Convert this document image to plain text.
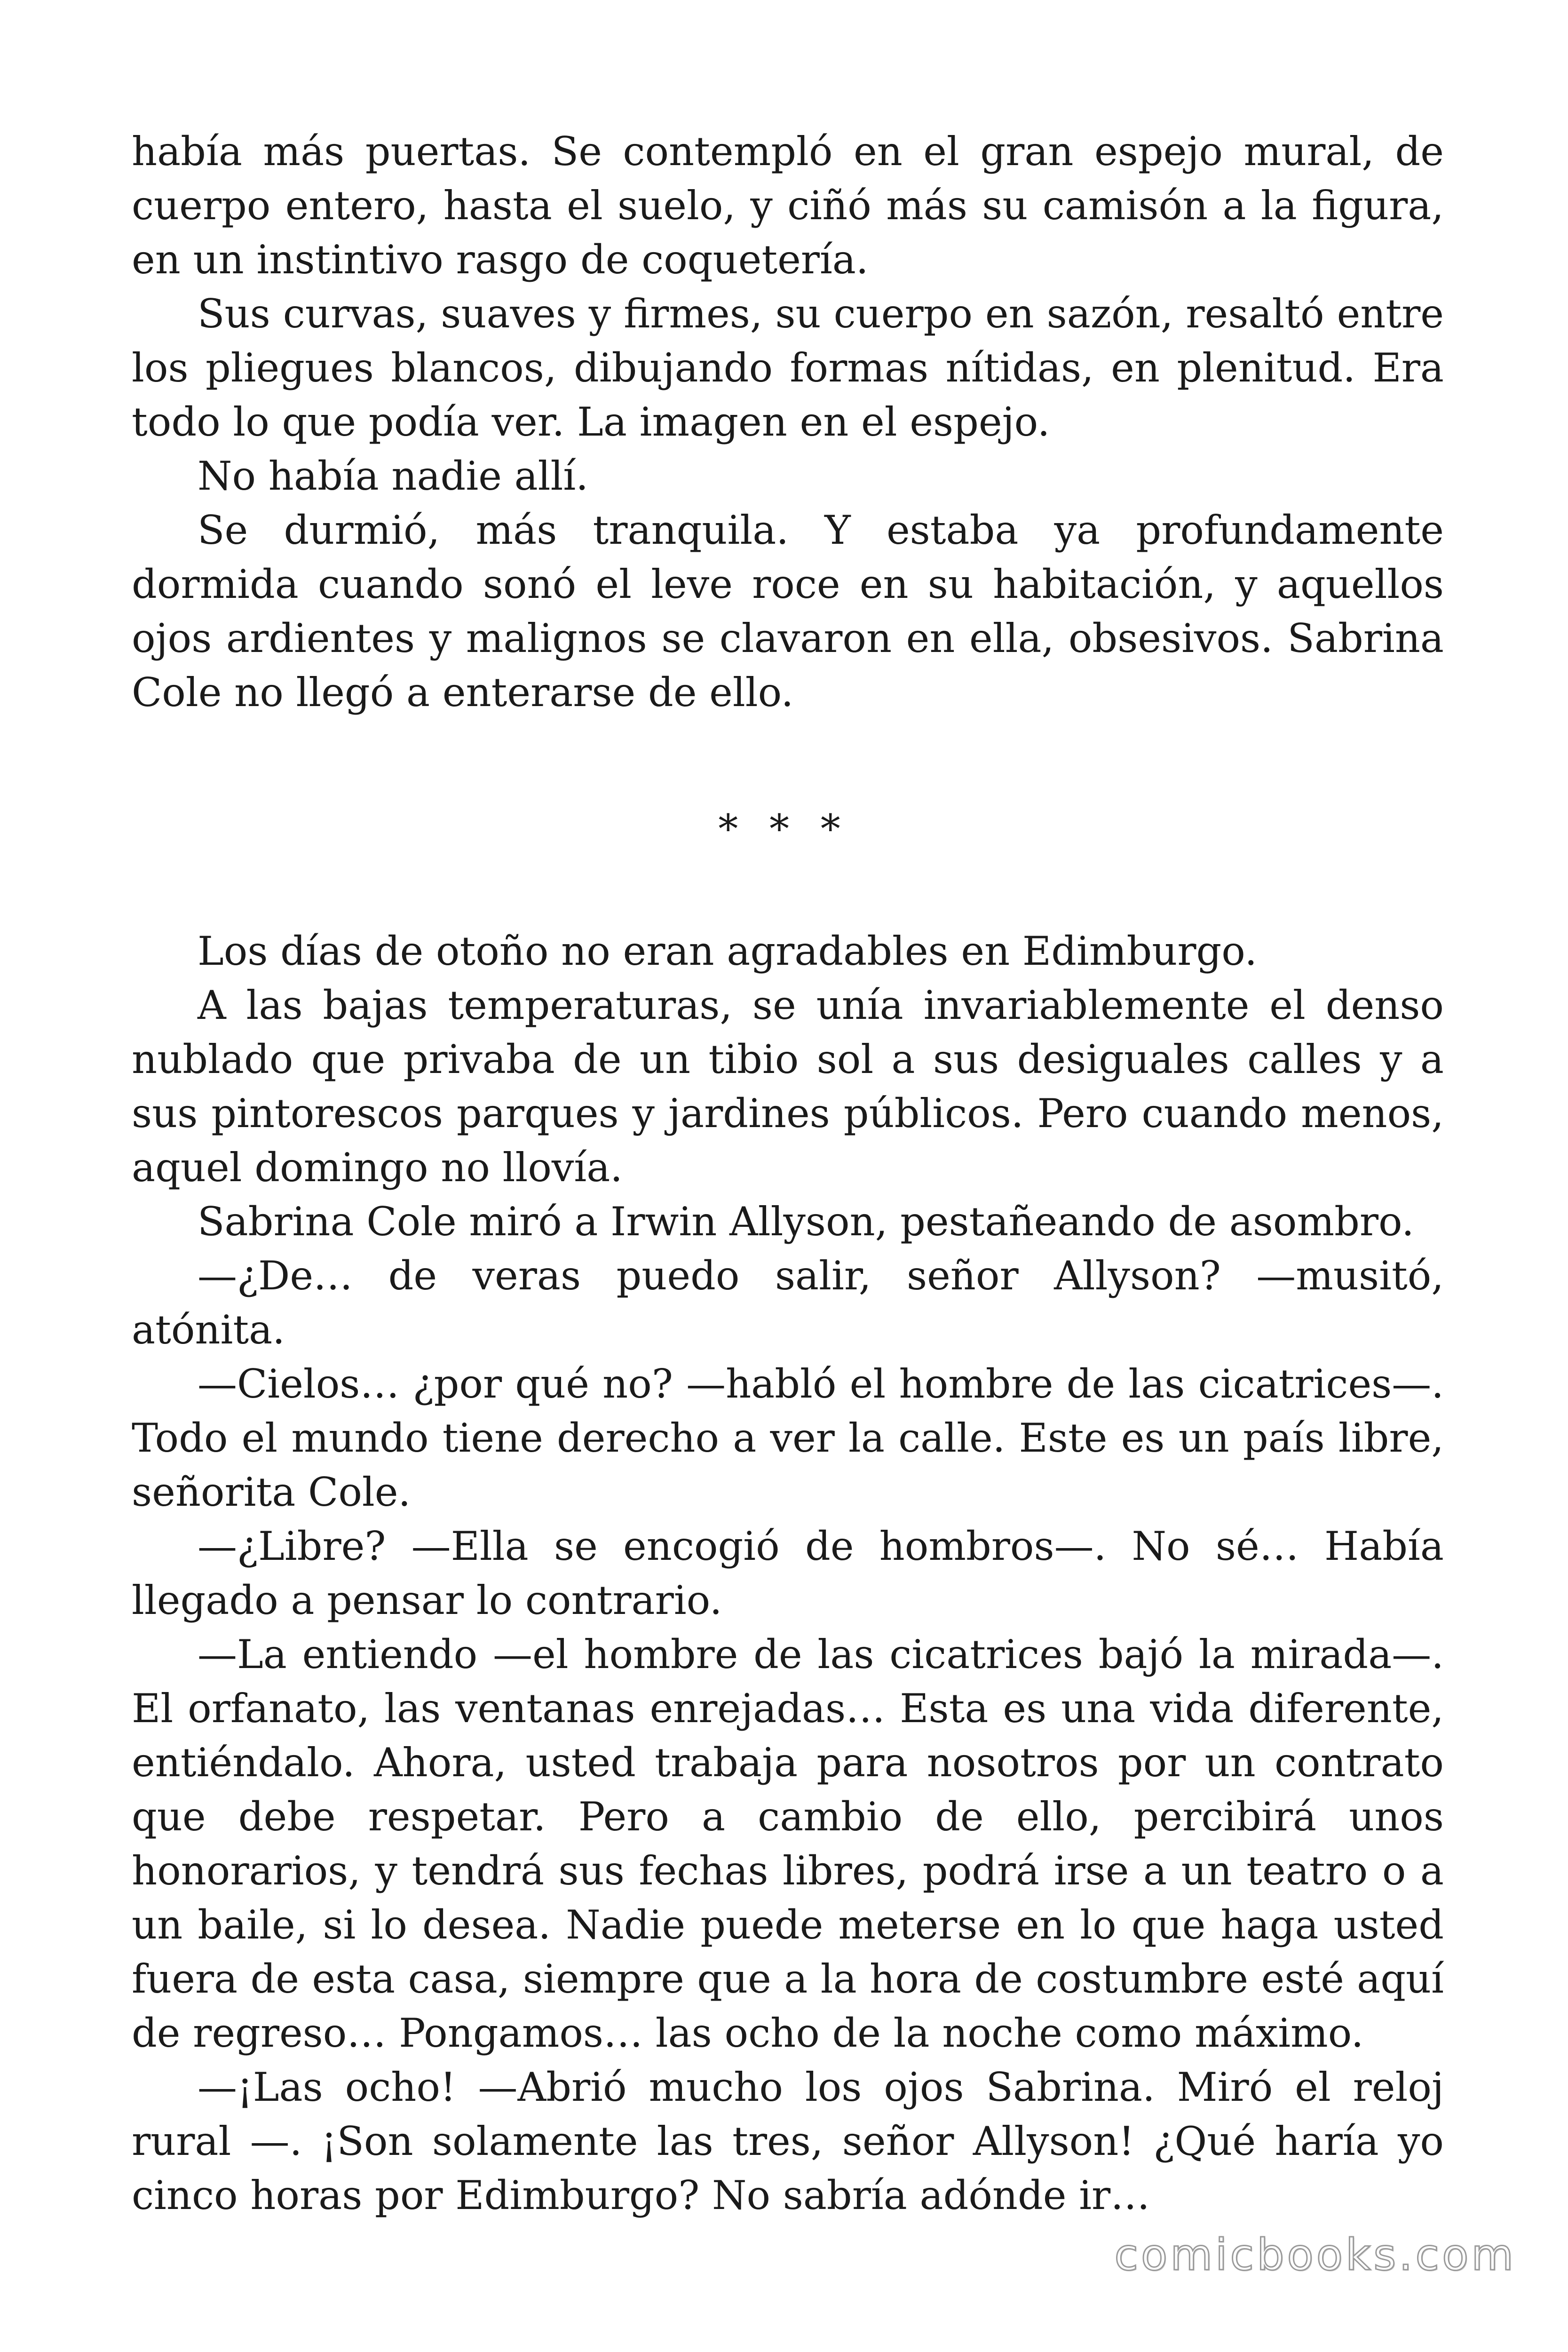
había más puertas. Se contempló en el gran espejo mural, de cuerpo entero, hasta el suelo, y ciñó más su camisón a la figura, en un instintivo rasgo de coquetería.

Sus curvas, suaves y firmes, su cuerpo en sazón, resaltó entre los pliegues blancos, dibujando formas nítidas, en plenitud. Era todo lo que podía ver. La imagen en el espejo.

No había nadie allí.

Se durmió, más tranquila. Y estaba ya profundamente dormida cuando sonó el leve roce en su habitación, y aquellos ojos ardientes y malignos se clavaron en ella, obsesivos. Sabrina Cole no llegó a enterarse de ello.

* * *

Los días de otoño no eran agradables en Edimburgo.

A las bajas temperaturas, se unía invariablemente el denso nublado que privaba de un tibio sol a sus desiguales calles y a sus pintorescos parques y jardines públicos. Pero cuando menos, aquel domingo no llovía.

Sabrina Cole miró a Irwin Allyson, pestañeando de asombro.

—¿De… de veras puedo salir, señor Allyson? —musitó, atónita.

—Cielos… ¿por qué no? —habló el hombre de las cicatrices—. Todo el mundo tiene derecho a ver la calle. Este es un país libre, señorita Cole.

—¿Libre? —Ella se encogió de hombros—. No sé… Había llegado a pensar lo contrario.

—La entiendo —el hombre de las cicatrices bajó la mirada—. El orfanato, las ventanas enrejadas… Esta es una vida diferente, entiéndalo. Ahora, usted trabaja para nosotros por un contrato que debe respetar. Pero a cambio de ello, percibirá unos honorarios, y tendrá sus fechas libres, podrá irse a un teatro o a un baile, si lo desea. Nadie puede meterse en lo que haga usted fuera de esta casa, siempre que a la hora de costumbre esté aquí de regreso… Pongamos… las ocho de la noche como máximo.

—¡Las ocho! —Abrió mucho los ojos Sabrina. Miró el reloj rural —. ¡Son solamente las tres, señor Allyson! ¿Qué haría yo cinco horas por Edimburgo? No sabría adónde ir…

comicbooks.com
